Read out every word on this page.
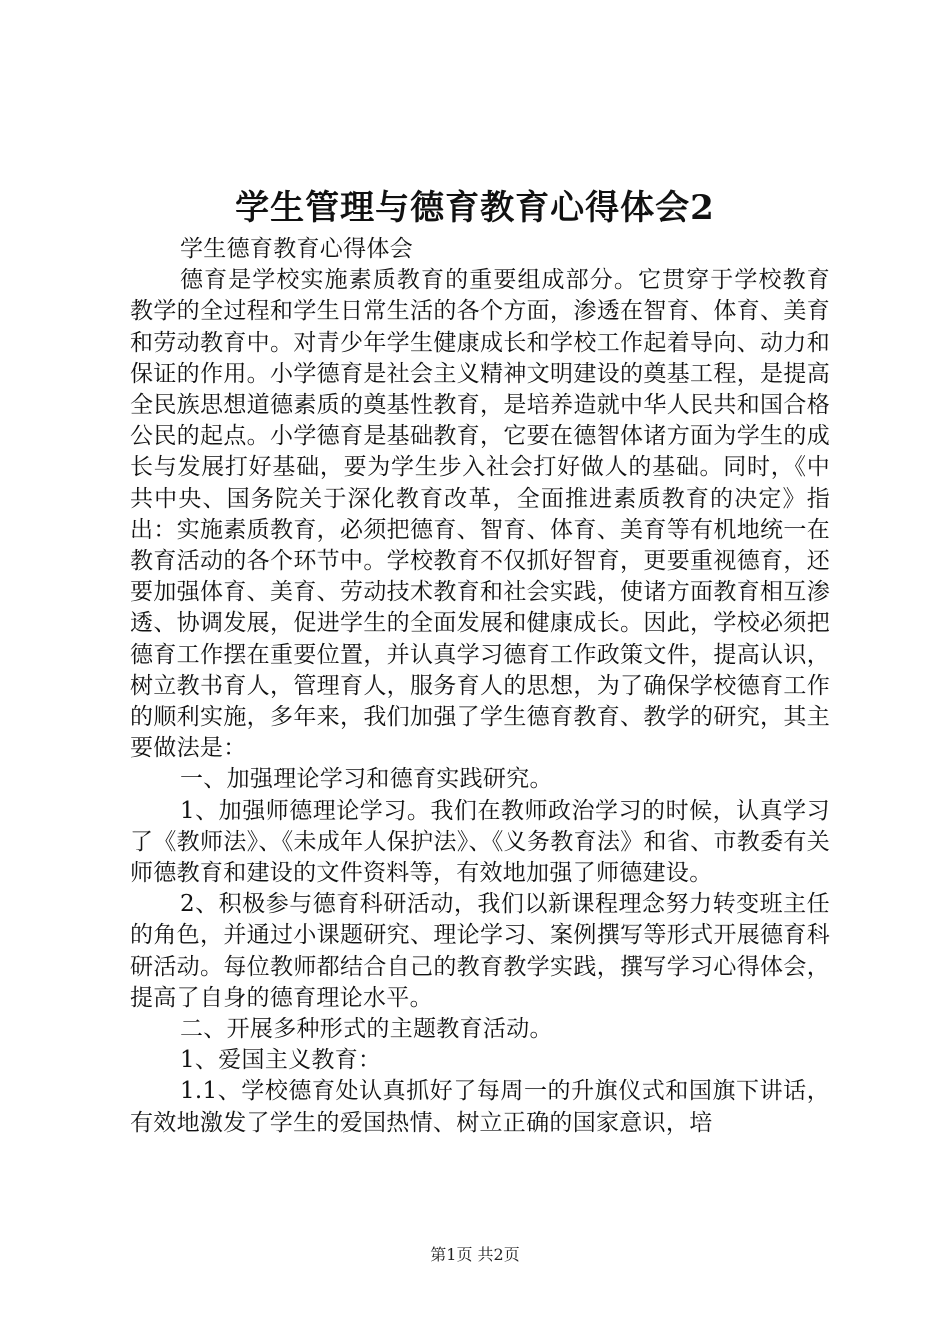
学生管理与德育教育心得体会2

学生德育教育心得体会

德育是学校实施素质教育的重要组成部分。它贯穿于学校教育教学的全过程和学生日常生活的各个方面，渗透在智育、体育、美育和劳动教育中。对青少年学生健康成长和学校工作起着导向、动力和保证的作用。小学德育是社会主义精神文明建设的奠基工程，是提高全民族思想道德素质的奠基性教育，是培养造就中华人民共和国合格公民的起点。小学德育是基础教育，它要在德智体诸方面为学生的成长与发展打好基础，要为学生步入社会打好做人的基础。同时，《中共中央、国务院关于深化教育改革，全面推进素质教育的决定》指出：实施素质教育，必须把德育、智育、体育、美育等有机地统一在教育活动的各个环节中。学校教育不仅抓好智育，更要重视德育，还要加强体育、美育、劳动技术教育和社会实践，使诸方面教育相互渗透、协调发展，促进学生的全面发展和健康成长。因此，学校必须把德育工作摆在重要位置，并认真学习德育工作政策文件，提高认识，树立教书育人，管理育人，服务育人的思想，为了确保学校德育工作的顺利实施，多年来，我们加强了学生德育教育、教学的研究，其主要做法是：

一、加强理论学习和德育实践研究。

1、加强师德理论学习。我们在教师政治学习的时候，认真学习了《教师法》、《未成年人保护法》、《义务教育法》和省、市教委有关师德教育和建设的文件资料等，有效地加强了师德建设。

2、积极参与德育科研活动，我们以新课程理念努力转变班主任的角色，并通过小课题研究、理论学习、案例撰写等形式开展德育科研活动。每位教师都结合自己的教育教学实践，撰写学习心得体会，提高了自身的德育理论水平。

二、开展多种形式的主题教育活动。

1、爱国主义教育：

1.1、学校德育处认真抓好了每周一的升旗仪式和国旗下讲话，有效地激发了学生的爱国热情、树立正确的国家意识，培

第1页 共2页
